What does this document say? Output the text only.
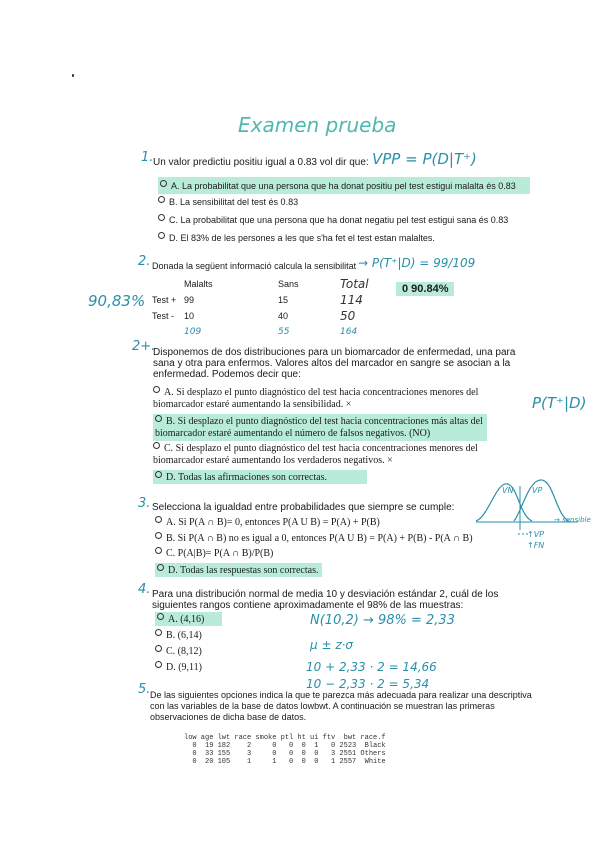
Examen prueba
1. Un valor predictiu positiu igual a 0.83 vol dir que: VPP = P(D|T⁺)
A. La probabilitat que una persona que ha donat positiu pel test estigui malalta és 0.83
B. La sensibilitat del test és 0.83
C. La probabilitat que una persona que ha donat negatiu pel test estigui sana és 0.83
D. El 83% de les persones a les que s'ha fet el test estan malaltes.
2. Donada la següent informació calcula la sensibilitat → P(T⁺|D) = 99/109
90,83%
0 90.84%
	Malalts	Sans	Total
Test +	99	15	114
Test -	10	40	50
	109	55	164
2+.
Disponemos de dos distribuciones para un biomarcador de enfermedad, una para
sana y otra para enfermos. Valores altos del marcador en sangre se asocian a la
enfermedad. Podemos decir que:
P(T⁺|D)
A. Si desplazo el punto diagnóstico del test hacia concentraciones menores del
biomarcador estaré aumentando la sensibilidad. ×
B. Si desplazo el punto diagnóstico del test hacia concentraciones más altas del
biomarcador estaré aumentando el número de falsos negativos. (NO)
C. Si desplazo el punto diagnóstico del test hacia concentraciones menores del
biomarcador estaré aumentando los verdaderos negativos. ×
D. Todas las afirmaciones son correctas.
3. Selecciona la igualdad entre probabilidades que siempre se cumple:
A. Si P(A ∩ B)= 0, entonces P(A U B) = P(A) + P(B)
B. Si P(A ∩ B) no es igual a 0, entonces P(A U B) = P(A) + P(B) - P(A ∩ B)
C. P(A|B)= P(A ∩ B)/P(B)
D. Todas las respuestas son correctas.
VN VP
↑VP
↑FN
→ sensible
4. Para una distribución normal de media 10 y desviación estándar 2, cuál de los
siguientes rangos contiene aproximadamente el 98% de las muestras:
A. (4,16)
B. (6,14)
C. (8,12)
D. (9,11)
N(10,2) → 98% = 2,33
μ ± z·σ
10 + 2,33 · 2 = 14,66
10 − 2,33 · 2 = 5,34
5. De las siguientes opciones indica la que te parezca más adecuada para realizar una descriptiva
con las variables de la base de datos lowbwt. A continuación se muestran las primeras
observaciones de dicha base de datos.
low age lwt race smoke ptl ht ui ftv  bwt race.f
0  19 182    2     0   0  0  1   0 2523  Black
0  33 155    3     0   0  0  0   3 2551 Others
0  20 105    1     1   0  0  0   1 2557  White
